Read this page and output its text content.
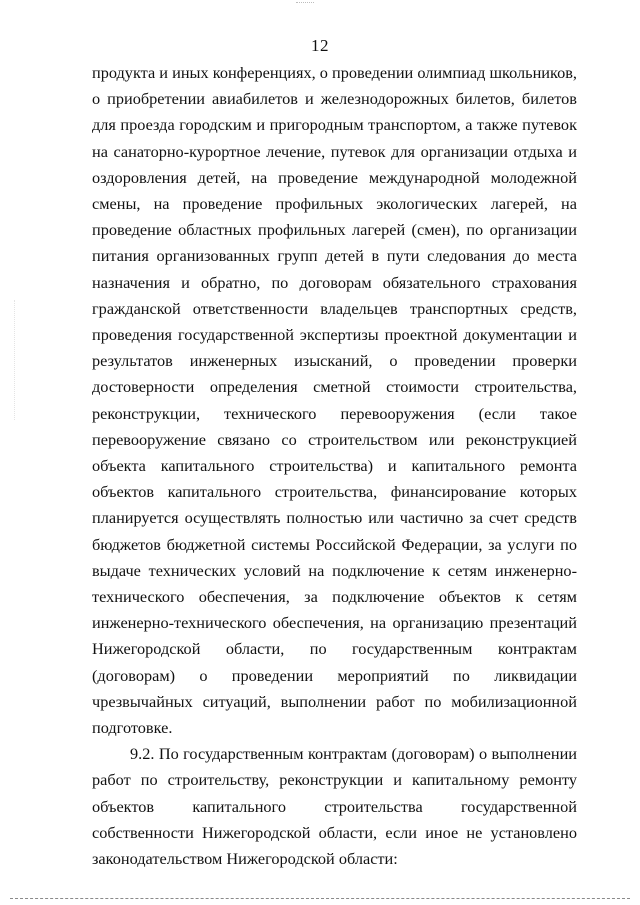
12

продукта и иных конференциях, о проведении олимпиад школьников, о приобретении авиабилетов и железнодорожных билетов, билетов для проезда городским и пригородным транспортом, а также путевок на санаторно-курортное лечение, путевок для организации отдыха и оздоровления детей, на проведение международной молодежной смены, на проведение профильных экологических лагерей, на проведение областных профильных лагерей (смен), по организации питания организованных групп детей в пути следования до места назначения и обратно, по договорам обязательного страхования гражданской ответственности владельцев транспортных средств, проведения государственной экспертизы проектной документации и результатов инженерных изысканий, о проведении проверки достоверности определения сметной стоимости строительства, реконструкции, технического перевооружения (если такое перевооружение связано со строительством или реконструкцией объекта капитального строительства) и капитального ремонта объектов капитального строительства, финансирование которых планируется осуществлять полностью или частично за счет средств бюджетов бюджетной системы Российской Федерации, за услуги по выдаче технических условий на подключение к сетям инженерно-технического обеспечения, за подключение объектов к сетям инженерно-технического обеспечения, на организацию презентаций Нижегородской области, по государственным контрактам (договорам) о проведении мероприятий по ликвидации чрезвычайных ситуаций, выполнении работ по мобилизационной подготовке.

9.2. По государственным контрактам (договорам) о выполнении работ по строительству, реконструкции и капитальному ремонту объектов капитального строительства государственной собственности Нижегородской области, если иное не установлено законодательством Нижегородской области:
